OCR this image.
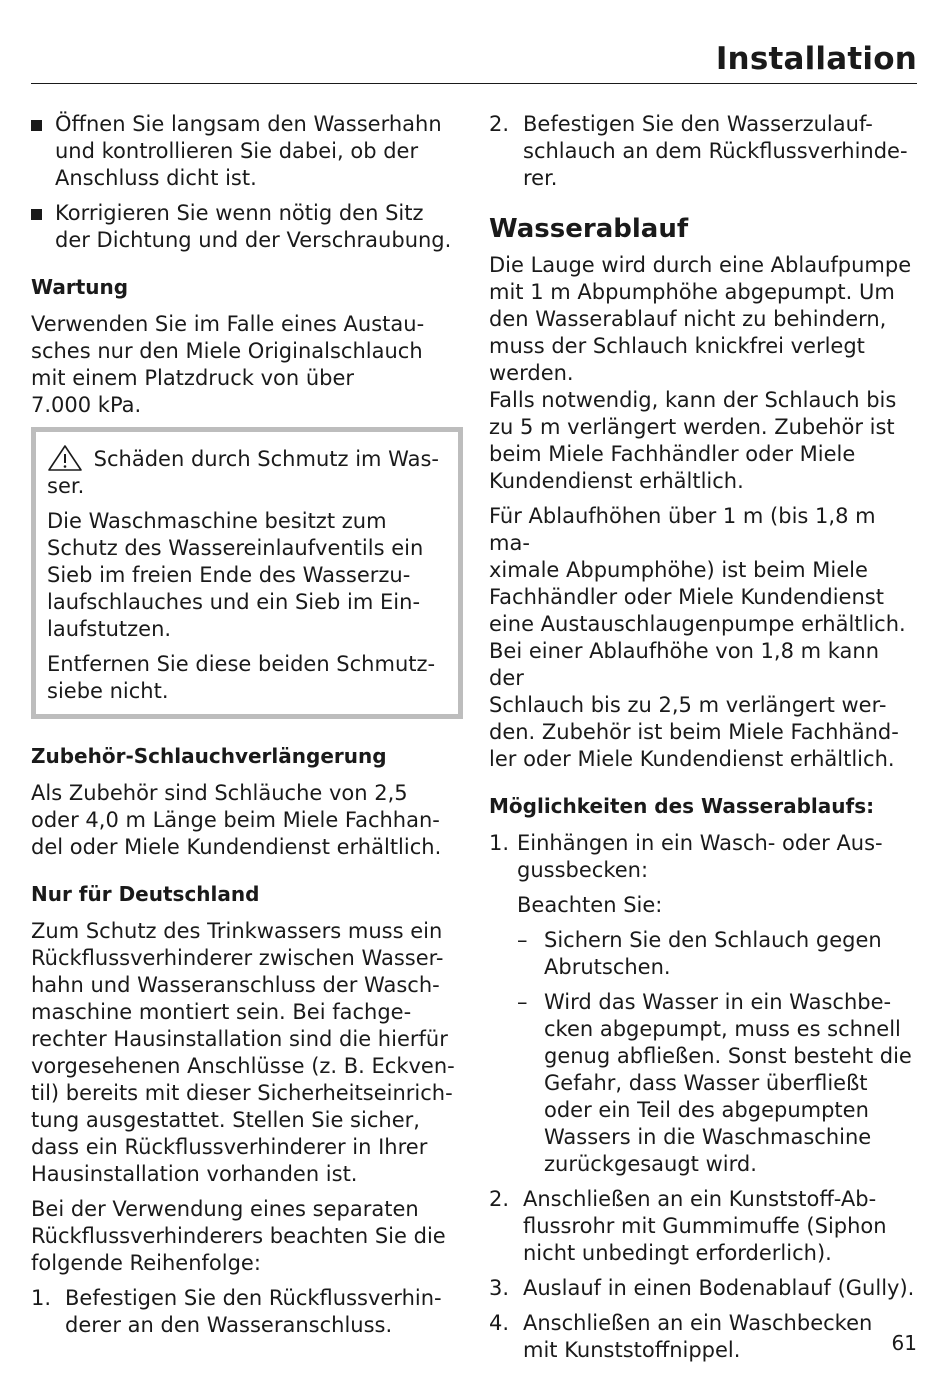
Installation

Öffnen Sie langsam den Wasserhahn und kontrollieren Sie dabei, ob der Anschluss dicht ist.

Korrigieren Sie wenn nötig den Sitz der Dichtung und der Verschraubung.

Wartung

Verwenden Sie im Falle eines Austau-
sches nur den Miele Originalschlauch
mit einem Platzdruck von über
7.000 kPa.

Schäden durch Schmutz im Was-
ser.

Die Waschmaschine besitzt zum
Schutz des Wassereinlaufventils ein
Sieb im freien Ende des Wasserzu-
laufschlauches und ein Sieb im Ein-
laufstutzen.

Entfernen Sie diese beiden Schmutz-
siebe nicht.

Zubehör-Schlauchverlängerung

Als Zubehör sind Schläuche von 2,5
oder 4,0 m Länge beim Miele Fachhan-
del oder Miele Kundendienst erhältlich.

Nur für Deutschland

Zum Schutz des Trinkwassers muss ein
Rückflussverhinderer zwischen Wasser-
hahn und Wasseranschluss der Wasch-
maschine montiert sein. Bei fachge-
rechter Hausinstallation sind die hierfür
vorgesehenen Anschlüsse (z. B. Eckven-
til) bereits mit dieser Sicherheitseinrich-
tung ausgestattet. Stellen Sie sicher,
dass ein Rückflussverhinderer in Ihrer
Hausinstallation vorhanden ist.

Bei der Verwendung eines separaten
Rückflussverhinderers beachten Sie die
folgende Reihenfolge:

1. Befestigen Sie den Rückflussverhin-
derer an den Wasseranschluss.

2. Befestigen Sie den Wasserzulauf-
schlauch an dem Rückflussverhinde-
rer.

Wasserablauf

Die Lauge wird durch eine Ablaufpumpe
mit 1 m Abpumphöhe abgepumpt. Um
den Wasserablauf nicht zu behindern,
muss der Schlauch knickfrei verlegt
werden.
Falls notwendig, kann der Schlauch bis
zu 5 m verlängert werden. Zubehör ist
beim Miele Fachhändler oder Miele
Kundendienst erhältlich.

Für Ablaufhöhen über 1 m (bis 1,8 m ma-
ximale Abpumphöhe) ist beim Miele
Fachhändler oder Miele Kundendienst
eine Austauschlaugenpumpe erhältlich.
Bei einer Ablaufhöhe von 1,8 m kann der
Schlauch bis zu 2,5 m verlängert wer-
den. Zubehör ist beim Miele Fachhänd-
ler oder Miele Kundendienst erhältlich.

Möglichkeiten des Wasserablaufs:
1. Einhängen in ein Wasch- oder Aus-
gussbecken:

Beachten Sie:

– Sichern Sie den Schlauch gegen
Abrutschen.

– Wird das Wasser in ein Waschbe-
cken abgepumpt, muss es schnell
genug abfließen. Sonst besteht die
Gefahr, dass Wasser überfließt
oder ein Teil des abgepumpten
Wassers in die Waschmaschine
zurückgesaugt wird.

2. Anschließen an ein Kunststoff-Ab-
flussrohr mit Gummimuffe (Siphon
nicht unbedingt erforderlich).

3. Auslauf in einen Bodenablauf (Gully).

4. Anschließen an ein Waschbecken
mit Kunststoffnippel.	61
